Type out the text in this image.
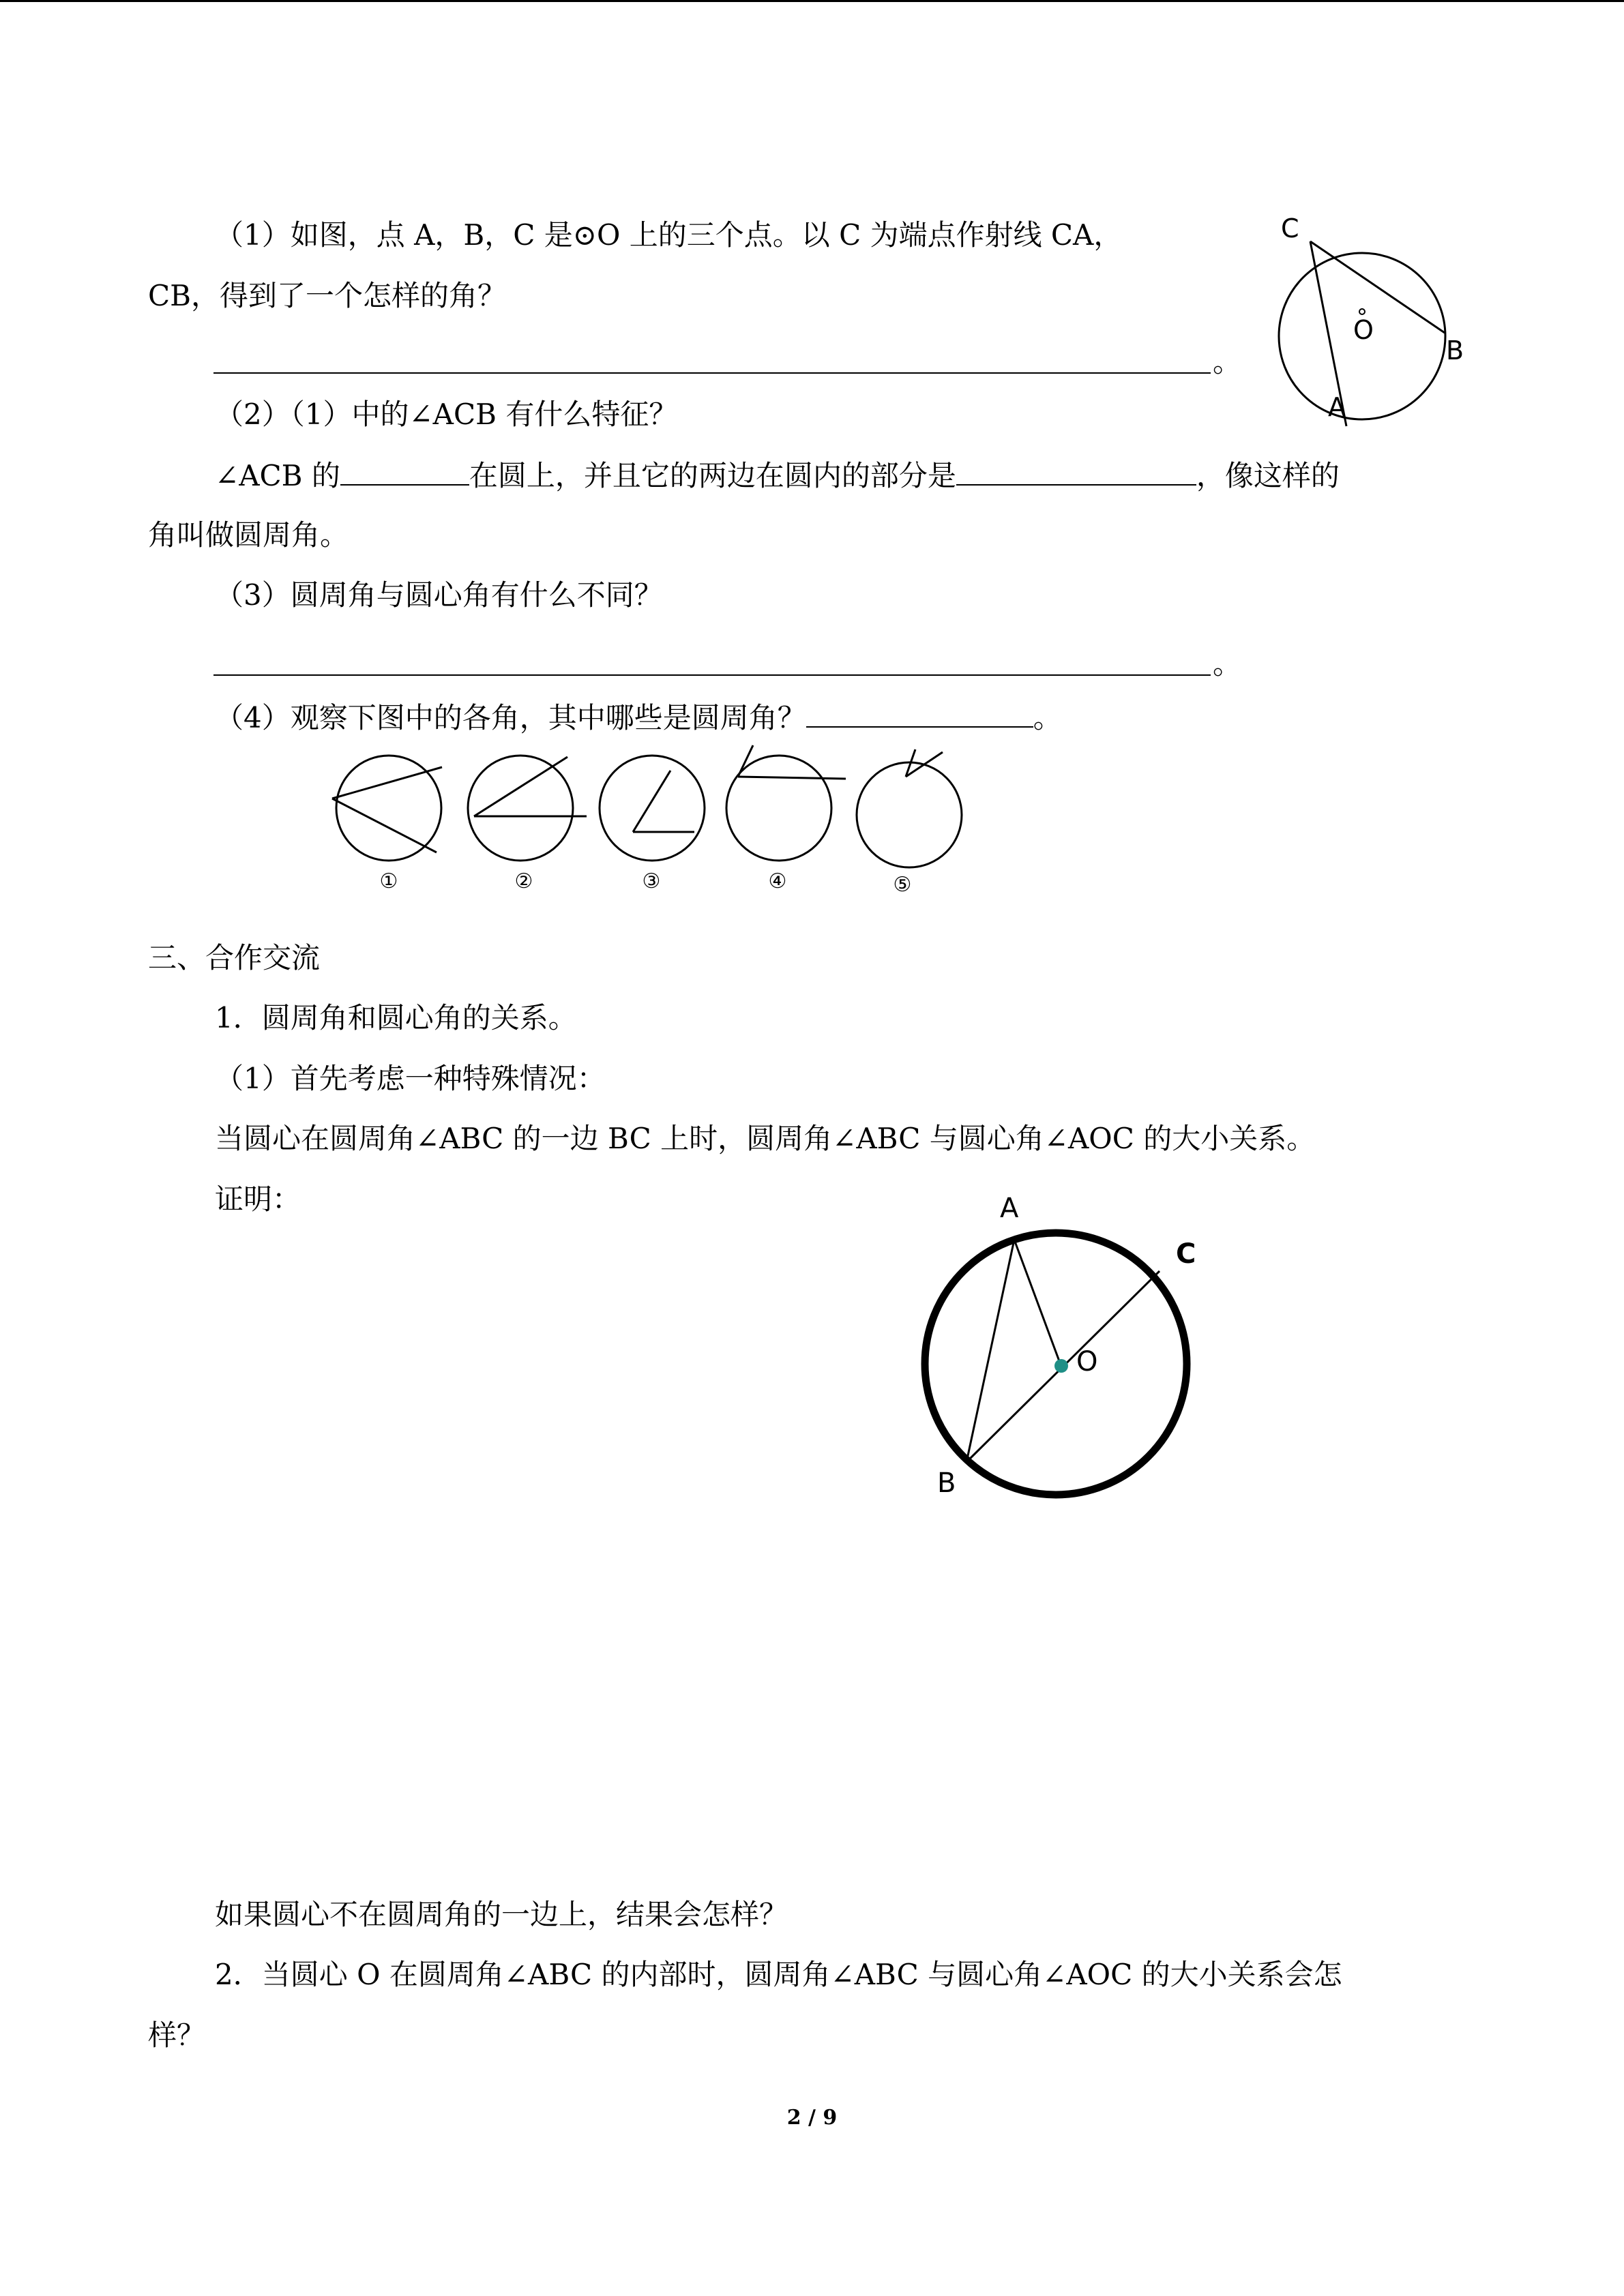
（1）如图，点 A，B，C 是⊙O 上的三个点。以 C 为端点作射线 CA，
CB，得到了一个怎样的角？
。
C
O
B
A
（2）（1）中的∠ACB 有什么特征？
∠ACB 的	在圆上，并且它的两边在圆内的部分是	，像这样的
角叫做圆周角。
（3）圆周角与圆心角有什么不同？
。
（4）观察下图中的各角，其中哪些是圆周角？	。
①	②	③	④	⑤
三、合作交流
1．圆周角和圆心角的关系。
（1）首先考虑一种特殊情况：
当圆心在圆周角∠ABC 的一边 BC 上时，圆周角∠ABC 与圆心角∠AOC 的大小关系。
证明：	A
C
O
B
如果圆心不在圆周角的一边上，结果会怎样？
2．当圆心 O 在圆周角∠ABC 的内部时，圆周角∠ABC 与圆心角∠AOC 的大小关系会怎
样？
2 / 9
